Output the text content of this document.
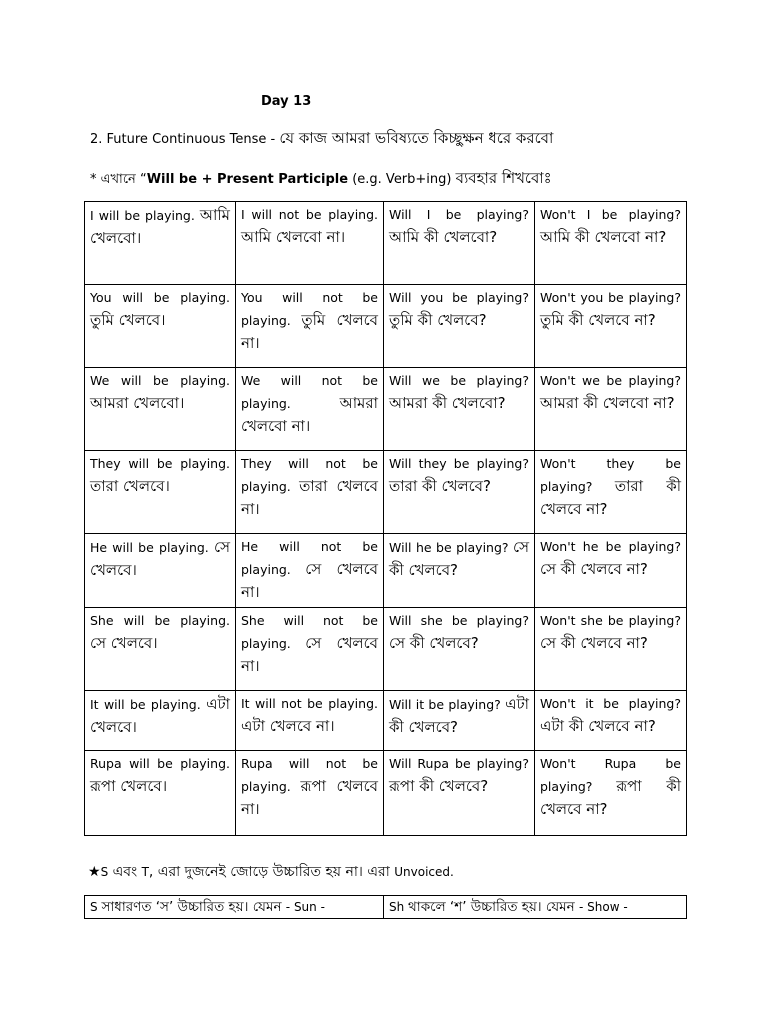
Day 13
2. Future Continuous Tense - যে কাজ আমরা ভবিষ্যতে কিচ্ছুক্ষন ধরে করবো
* এখানে “Will be + Present Participle (e.g. Verb+ing) ব্যবহার শিখবোঃ
I will be playing. আমি খেলবো।	I will not be playing. আমি খেলবো না।	Will I be playing? আমি কী খেলবো?	Won't I be playing? আমি কী খেলবো না?
You will be playing. তুমি খেলবে।	You will not be playing. তুমি খেলবে না।	Will you be playing? তুমি কী খেলবে?	Won't you be playing? তুমি কী খেলবে না?
We will be playing. আমরা খেলবো।	We will not be playing. আমরা খেলবো না।	Will we be playing? আমরা কী খেলবো?	Won't we be playing? আমরা কী খেলবো না?
They will be playing. তারা খেলবে।	They will not be playing. তারা খেলবে না।	Will they be playing? তারা কী খেলবে?	Won't they be playing? তারা কী খেলবে না?
He will be playing. সে খেলবে।	He will not be playing. সে খেলবে না।	Will he be playing? সে কী খেলবে?	Won't he be playing? সে কী খেলবে না?
She will be playing. সে খেলবে।	She will not be playing. সে খেলবে না।	Will she be playing? সে কী খেলবে?	Won't she be playing? সে কী খেলবে না?
It will be playing. এটা খেলবে।	It will not be playing. এটা খেলবে না।	Will it be playing? এটা কী খেলবে?	Won't it be playing? এটা কী খেলবে না?
Rupa will be playing. রূপা খেলবে।	Rupa will not be playing. রূপা খেলবে না।	Will Rupa be playing? রূপা কী খেলবে?	Won't Rupa be playing? রূপা কী খেলবে না?
★S এবং T, এরা দুজনেই জোড়ে উচ্চারিত হয় না। এরা Unvoiced.
S সাধারণত ‘স’ উচ্চারিত হয়। যেমন - Sun -	Sh থাকলে ‘শ’ উচ্চারিত হয়। যেমন - Show -
